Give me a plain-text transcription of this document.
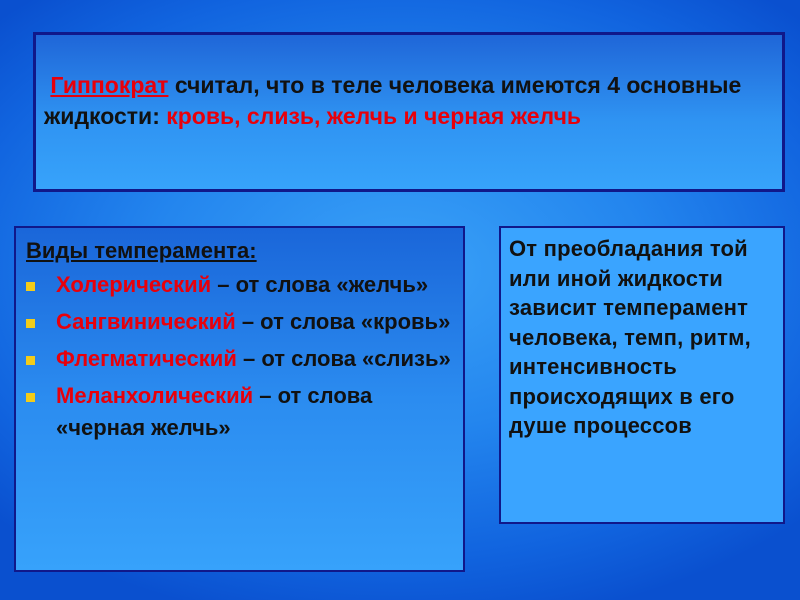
Гиппократ считал, что в теле человека имеются 4 основные жидкости: кровь, слизь, желчь и черная желчь
Виды темперамента:
Холерический – от слова «желчь»
Сангвинический – от слова «кровь»
Флегматический – от слова «слизь»
Меланхолический – от слова «черная желчь»
От преобладания той или иной жидкости зависит темперамент человека, темп, ритм, интенсивность происходящих в его душе процессов
